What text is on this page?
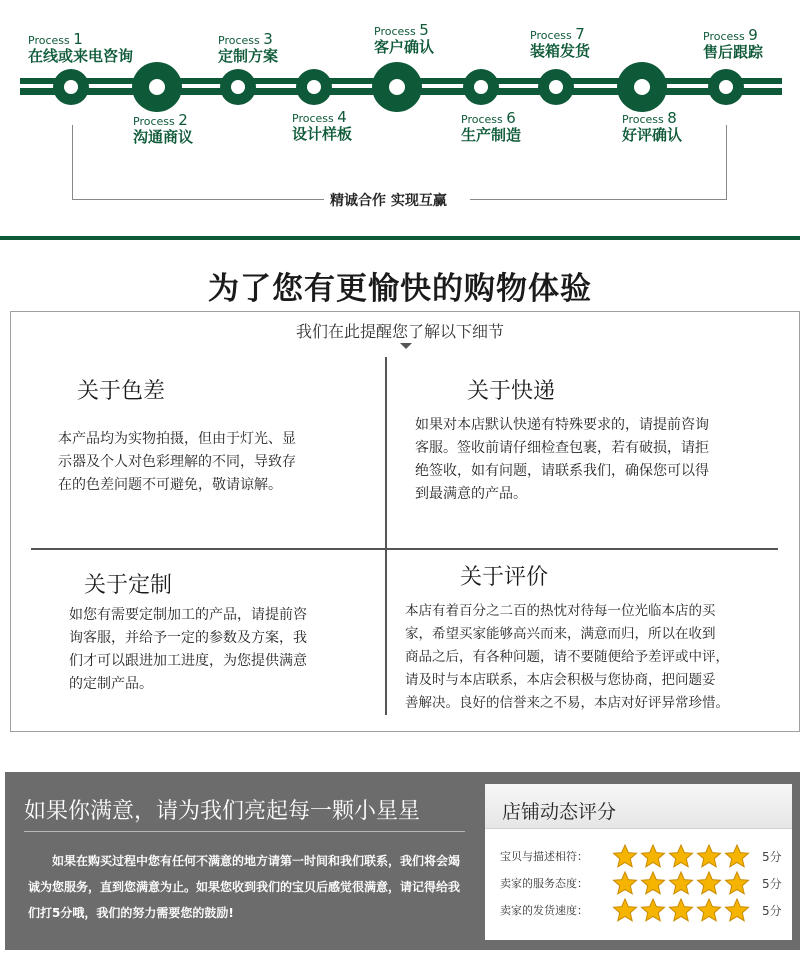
Process 1
在线或来电咨询
Process 3
定制方案
Process 5
客户确认
Process 7
装箱发货
Process 9
售后跟踪
Process 2
沟通商议
Process 4
设计样板
Process 6
生产制造
Process 8
好评确认
精诚合作 实现互赢
为了您有更愉快的购物体验
我们在此提醒您了解以下细节
关于色差
本产品均为实物拍摄，但由于灯光、显
示器及个人对色彩理解的不同，导致存
在的色差问题不可避免，敬请谅解。
关于快递
如果对本店默认快递有特殊要求的，请提前咨询
客服。签收前请仔细检查包裹，若有破损，请拒
绝签收，如有问题，请联系我们，确保您可以得
到最满意的产品。
关于定制
如您有需要定制加工的产品，请提前咨
询客服，并给予一定的参数及方案，我
们才可以跟进加工进度，为您提供满意
的定制产品。
关于评价
本店有着百分之二百的热忱对待每一位光临本店的买
家，希望买家能够高兴而来，满意而归，所以在收到
商品之后，有各种问题，请不要随便给予差评或中评，
请及时与本店联系，本店会积极与您协商，把问题妥
善解决。良好的信誉来之不易，本店对好评异常珍惜。
如果你满意，请为我们亮起每一颗小星星
如果在购买过程中您有任何不满意的地方请第一时间和我们联系，我们将会竭诚为您服务，直到您满意为止。如果您收到我们的宝贝后感觉很满意，请记得给我们打5分哦，我们的努力需要您的鼓励!
店铺动态评分
宝贝与描述相符：	5分
卖家的服务态度：	5分
卖家的发货速度：	5分
